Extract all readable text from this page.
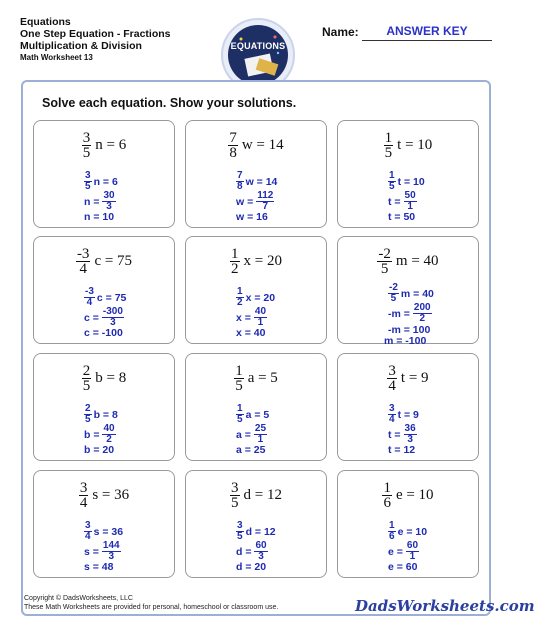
Equations
One Step Equation - Fractions
Multiplication & Division
Math Worksheet 13
EQUATIONS
Name:	ANSWER KEY
Solve each equation. Show your solutions.
$\frac{3}{5}$ n = 6
$\frac{3}{5}$ n = 6
$n = \frac{30}{3}$
n = 10
$\frac{7}{8}$ w = 14
$\frac{7}{8}$ w = 14
$w = \frac{112}{7}$
w = 16
$\frac{1}{5}$ t = 10
$\frac{1}{5}$ t = 10
$t = \frac{50}{1}$
t = 50
$\frac{-3}{4}$ c = 75
$\frac{-3}{4}$ c = 75
$c = \frac{-300}{3}$
c = -100
$\frac{1}{2}$ x = 20
$\frac{1}{2}$ x = 20
$x = \frac{40}{1}$
x = 40
$\frac{-2}{5}$ m = 40
$\frac{-2}{5}$ m = 40
$-m = \frac{200}{2}$
-m = 100
m = -100
$\frac{2}{5}$ b = 8
$\frac{2}{5}$ b = 8
$b = \frac{40}{2}$
b = 20
$\frac{1}{5}$ a = 5
$\frac{1}{5}$ a = 5
$a = \frac{25}{1}$
a = 25
$\frac{3}{4}$ t = 9
$\frac{3}{4}$ t = 9
$t = \frac{36}{3}$
t = 12
$\frac{3}{4}$ s = 36
$\frac{3}{4}$ s = 36
$s = \frac{144}{3}$
s = 48
$\frac{3}{5}$ d = 12
$\frac{3}{5}$ d = 12
$d = \frac{60}{3}$
d = 20
$\frac{1}{6}$ e = 10
$\frac{1}{6}$ e = 10
$e = \frac{60}{1}$
e = 60
Copyright © DadsWorksheets, LLC
These Math Worksheets are provided for personal, homeschool or classroom use.	DadsWorksheets.com
